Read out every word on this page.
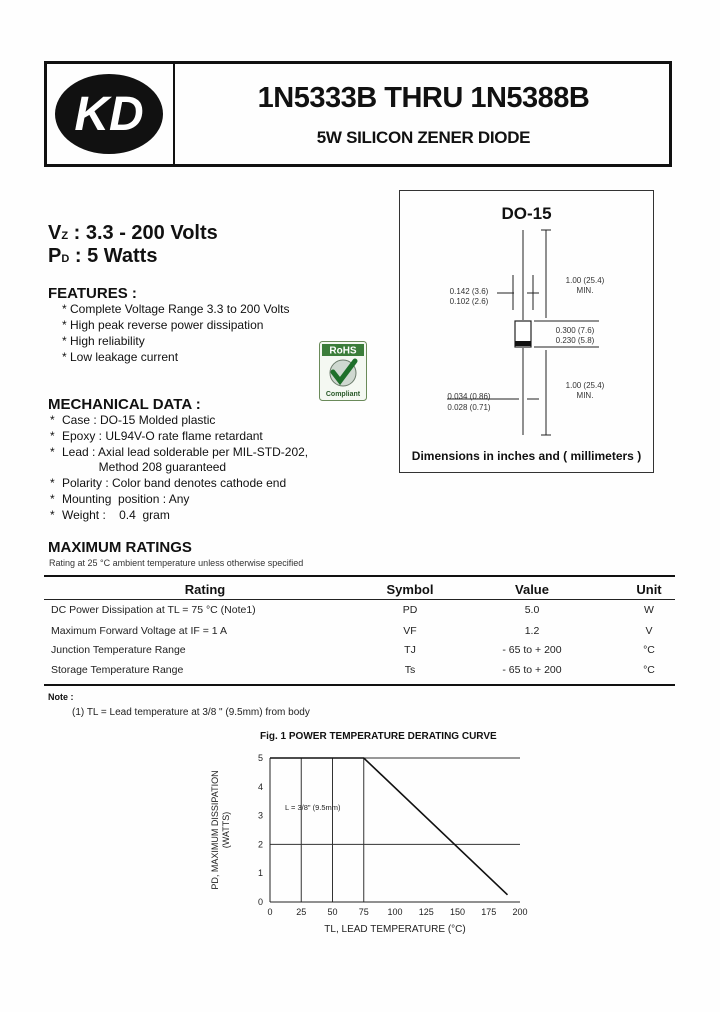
KD	1N5333B THRU 1N5388B
5W SILICON ZENER DIODE
VZ : 3.3 - 200 Volts
PD : 5 Watts
DO-15
1.00 (25.4)
MIN.
0.142 (3.6)
0.102 (2.6)
0.300 (7.6)
0.230 (5.8)
1.00 (25.4)
MIN.
0.034 (0.86)
0.028 (0.71)
Dimensions in inches and ( millimeters )
FEATURES :
* Complete Voltage Range 3.3 to 200 Volts
* High peak reverse power dissipation
* High reliability
* Low leakage current	RoHS
Compliant
MECHANICAL DATA :
* Case : DO-15 Molded plastic
* Epoxy : UL94V-O rate flame retardant
* Lead : Axial lead solderable per MIL-STD-202,
Method 208 guaranteed
* Polarity : Color band denotes cathode end
* Mounting  position : Any
* Weight :    0.4  gram
MAXIMUM RATINGS
Rating at 25 °C ambient temperature unless otherwise specified
Rating	Symbol	Value	Unit
DC Power Dissipation at TL = 75 °C (Note1)	PD	5.0	W
Maximum Forward Voltage at IF = 1 A	VF	1.2	V
Junction Temperature Range	TJ	- 65 to + 200	°C
Storage Temperature Range	Ts	- 65 to + 200	°C
Note :
(1) TL = Lead temperature at 3/8 " (9.5mm) from body
Fig. 1 POWER TEMPERATURE DERATING CURVE
0	25 50 75 100 125 150 175 200
0
1
2
3
4
5
TL, LEAD TEMPERATURE (°C)
PD, MAXIMUM DISSIPATION (WATTS)
L = 3/8" (9.5mm)
